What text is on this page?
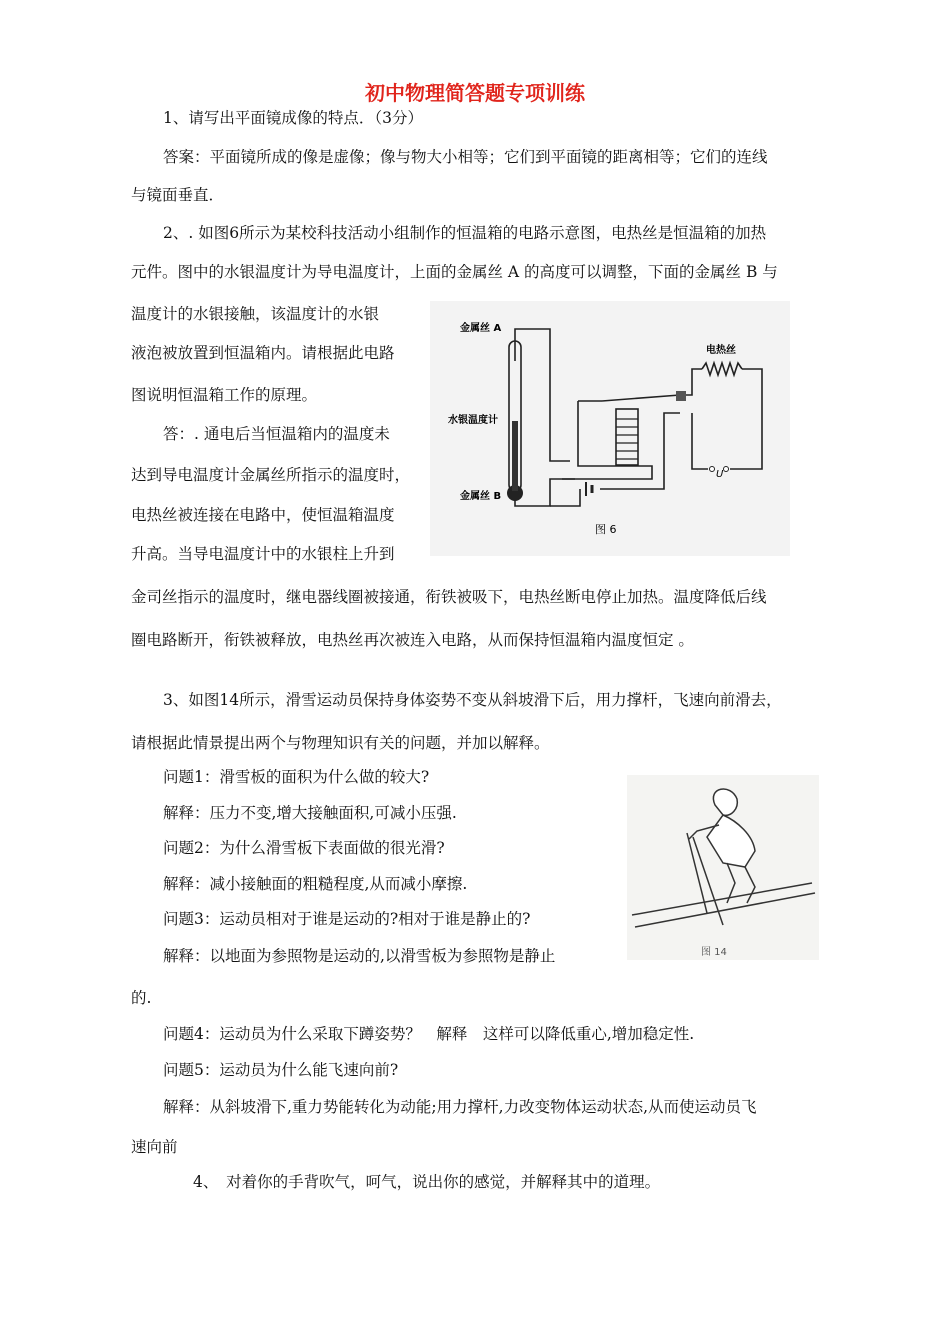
初中物理简答题专项训练
1、请写出平面镜成像的特点．（3分）
答案：平面镜所成的像是虚像；像与物大小相等；它们到平面镜的距离相等；它们的连线
与镜面垂直．
2、. 如图6所示为某校科技活动小组制作的恒温箱的电路示意图，电热丝是恒温箱的加热
元件。图中的水银温度计为导电温度计，上面的金属丝 A 的高度可以调整，下面的金属丝 B 与
温度计的水银接触，该温度计的水银
液泡被放置到恒温箱内。请根据此电路
图说明恒温箱工作的原理。
答：. 通电后当恒温箱内的温度未
达到导电温度计金属丝所指示的温度时，
电热丝被连接在电路中，使恒温箱温度
升高。当导电温度计中的水银柱上升到
金司丝指示的温度时，继电器线圈被接通，衔铁被吸下，电热丝断电停止加热。温度降低后线
圈电路断开，衔铁被释放，电热丝再次被连入电路，从而保持恒温箱内温度恒定 。
金属丝 A
水银温度计
金属丝 B
电热丝
U
图 6
3、如图14所示，滑雪运动员保持身体姿势不变从斜坡滑下后，用力撑杆，飞速向前滑去，
请根据此情景提出两个与物理知识有关的问题，并加以解释。
问题1：滑雪板的面积为什么做的较大?
解释：压力不变,增大接触面积,可减小压强.
问题2：为什么滑雪板下表面做的很光滑?
解释：减小接触面的粗糙程度,从而减小摩擦.
问题3：运动员相对于谁是运动的?相对于谁是静止的?
解释：以地面为参照物是运动的,以滑雪板为参照物是静止
的.
问题4：运动员为什么采取下蹲姿势？　解释　这样可以降低重心,增加稳定性.
问题5：运动员为什么能飞速向前?
解释：从斜坡滑下,重力势能转化为动能;用力撑杆,力改变物体运动状态,从而使运动员飞
速向前
图 14
4、　对着你的手背吹气，呵气，说出你的感觉，并解释其中的道理。
